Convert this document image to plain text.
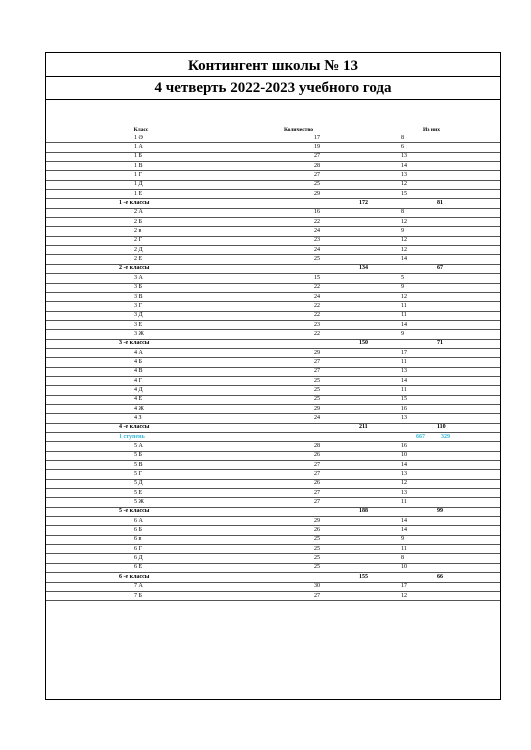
Контингент школы № 13
4 четверть 2022-2023 учебного года
Класс	Количество	Из них
1 Ә	17	8
1 А	19	6
1 Б	27	13
1 В	28	14
1 Г	27	13
1 Д	25	12
1 Е	29	15
1 -е классы	172	81
2 А	16	8
2 Б	22	12
2 в	24	9
2 Г	23	12
2 Д	24	12
2 Е	25	14
2 -е классы	134	67
3 А	15	5
3 Б	22	9
3 В	24	12
3 Г	22	11
3 Д	22	11
3 Е	23	14
3 Ж	22	9
3 -е классы	150	71
4 А	29	17
4 Б	27	11
4 В	27	13
4 Г	25	14
4 Д	25	11
4 Е	25	15
4 Ж	29	16
4 З	24	13
4 -е классы	211	110
1 ступень	667	329
5 А	28	16
5 Б	26	10
5 В	27	14
5 Г	27	13
5 Д	26	12
5 Е	27	13
5 Ж	27	11
5 -е классы	188	99
6 А	29	14
6 Б	26	14
6 в	25	9
6 Г	25	11
6 Д	25	8
6 Е	25	10
6 -е классы	155	66
7 А	30	17
7 Б	27	12
